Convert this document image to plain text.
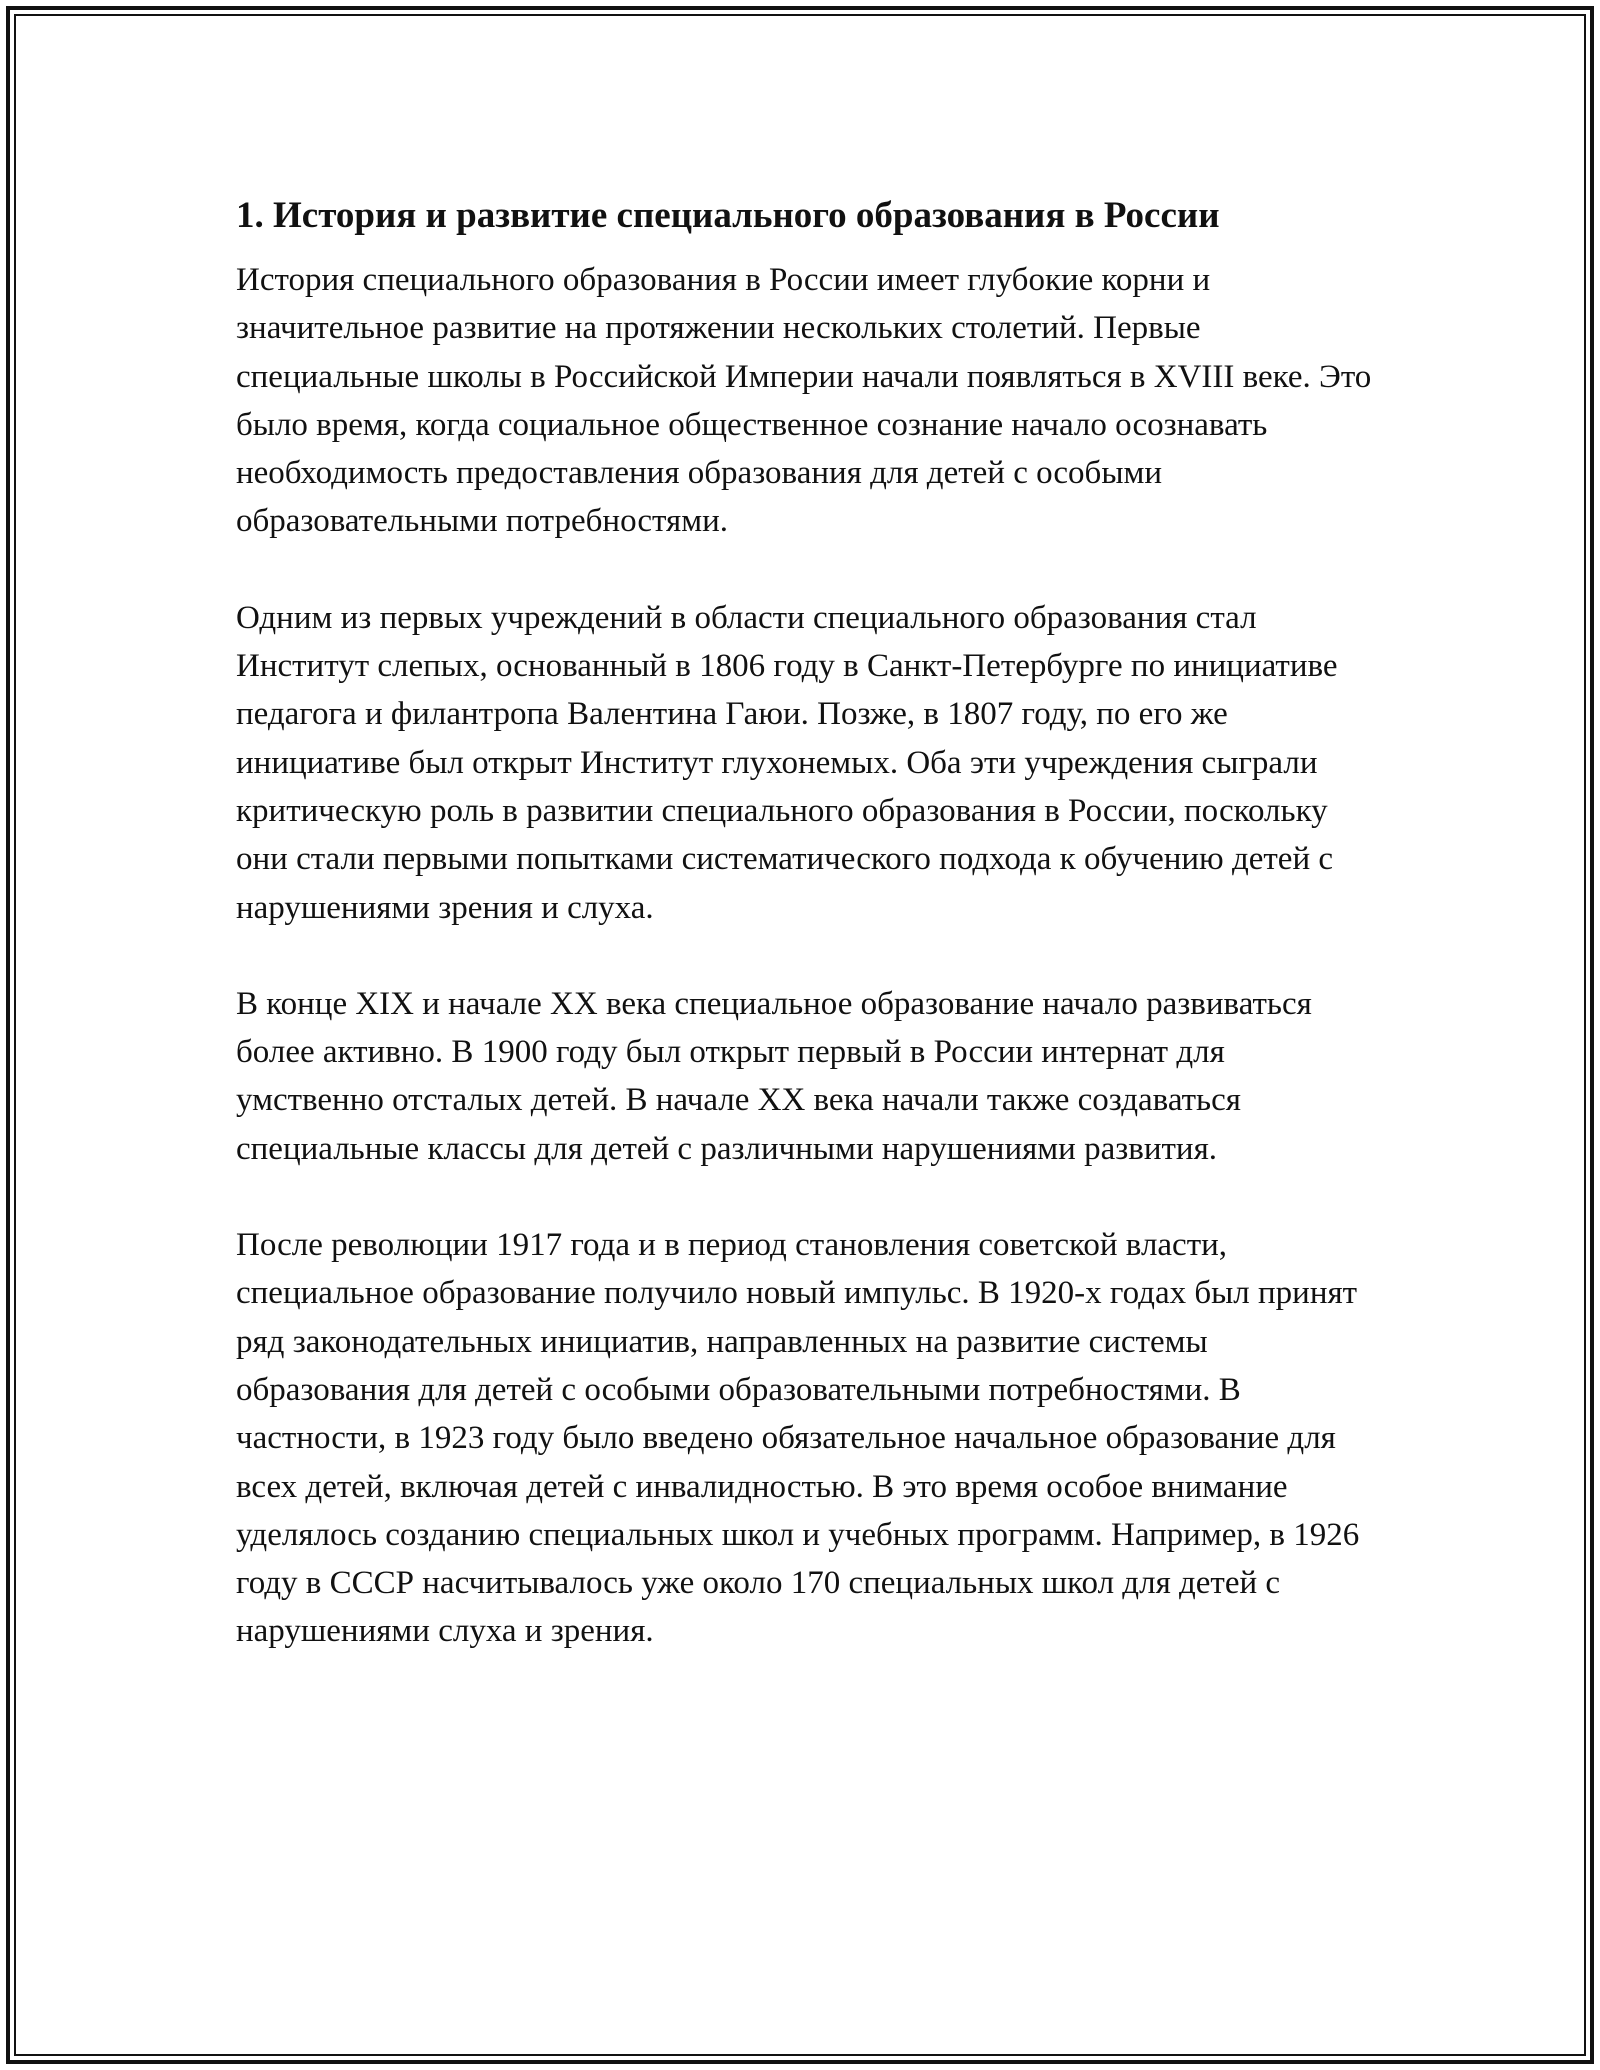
1. История и развитие специального образования в России

История специального образования в России имеет глубокие корни и значительное развитие на протяжении нескольких столетий. Первые специальные школы в Российской Империи начали появляться в XVIII веке. Это было время, когда социальное общественное сознание начало осознавать необходимость предоставления образования для детей с особыми образовательными потребностями.

Одним из первых учреждений в области специального образования стал Институт слепых, основанный в 1806 году в Санкт-Петербурге по инициативе педагога и филантропа Валентина Гаюи. Позже, в 1807 году, по его же инициативе был открыт Институт глухонемых. Оба эти учреждения сыграли критическую роль в развитии специального образования в России, поскольку они стали первыми попытками систематического подхода к обучению детей с нарушениями зрения и слуха.

В конце XIX и начале XX века специальное образование начало развиваться более активно. В 1900 году был открыт первый в России интернат для умственно отсталых детей. В начале XX века начали также создаваться специальные классы для детей с различными нарушениями развития.

После революции 1917 года и в период становления советской власти, специальное образование получило новый импульс. В 1920-х годах был принят ряд законодательных инициатив, направленных на развитие системы образования для детей с особыми образовательными потребностями. В частности, в 1923 году было введено обязательное начальное образование для всех детей, включая детей с инвалидностью. В это время особое внимание уделялось созданию специальных школ и учебных программ. Например, в 1926 году в СССР насчитывалось уже около 170 специальных школ для детей с нарушениями слуха и зрения.
